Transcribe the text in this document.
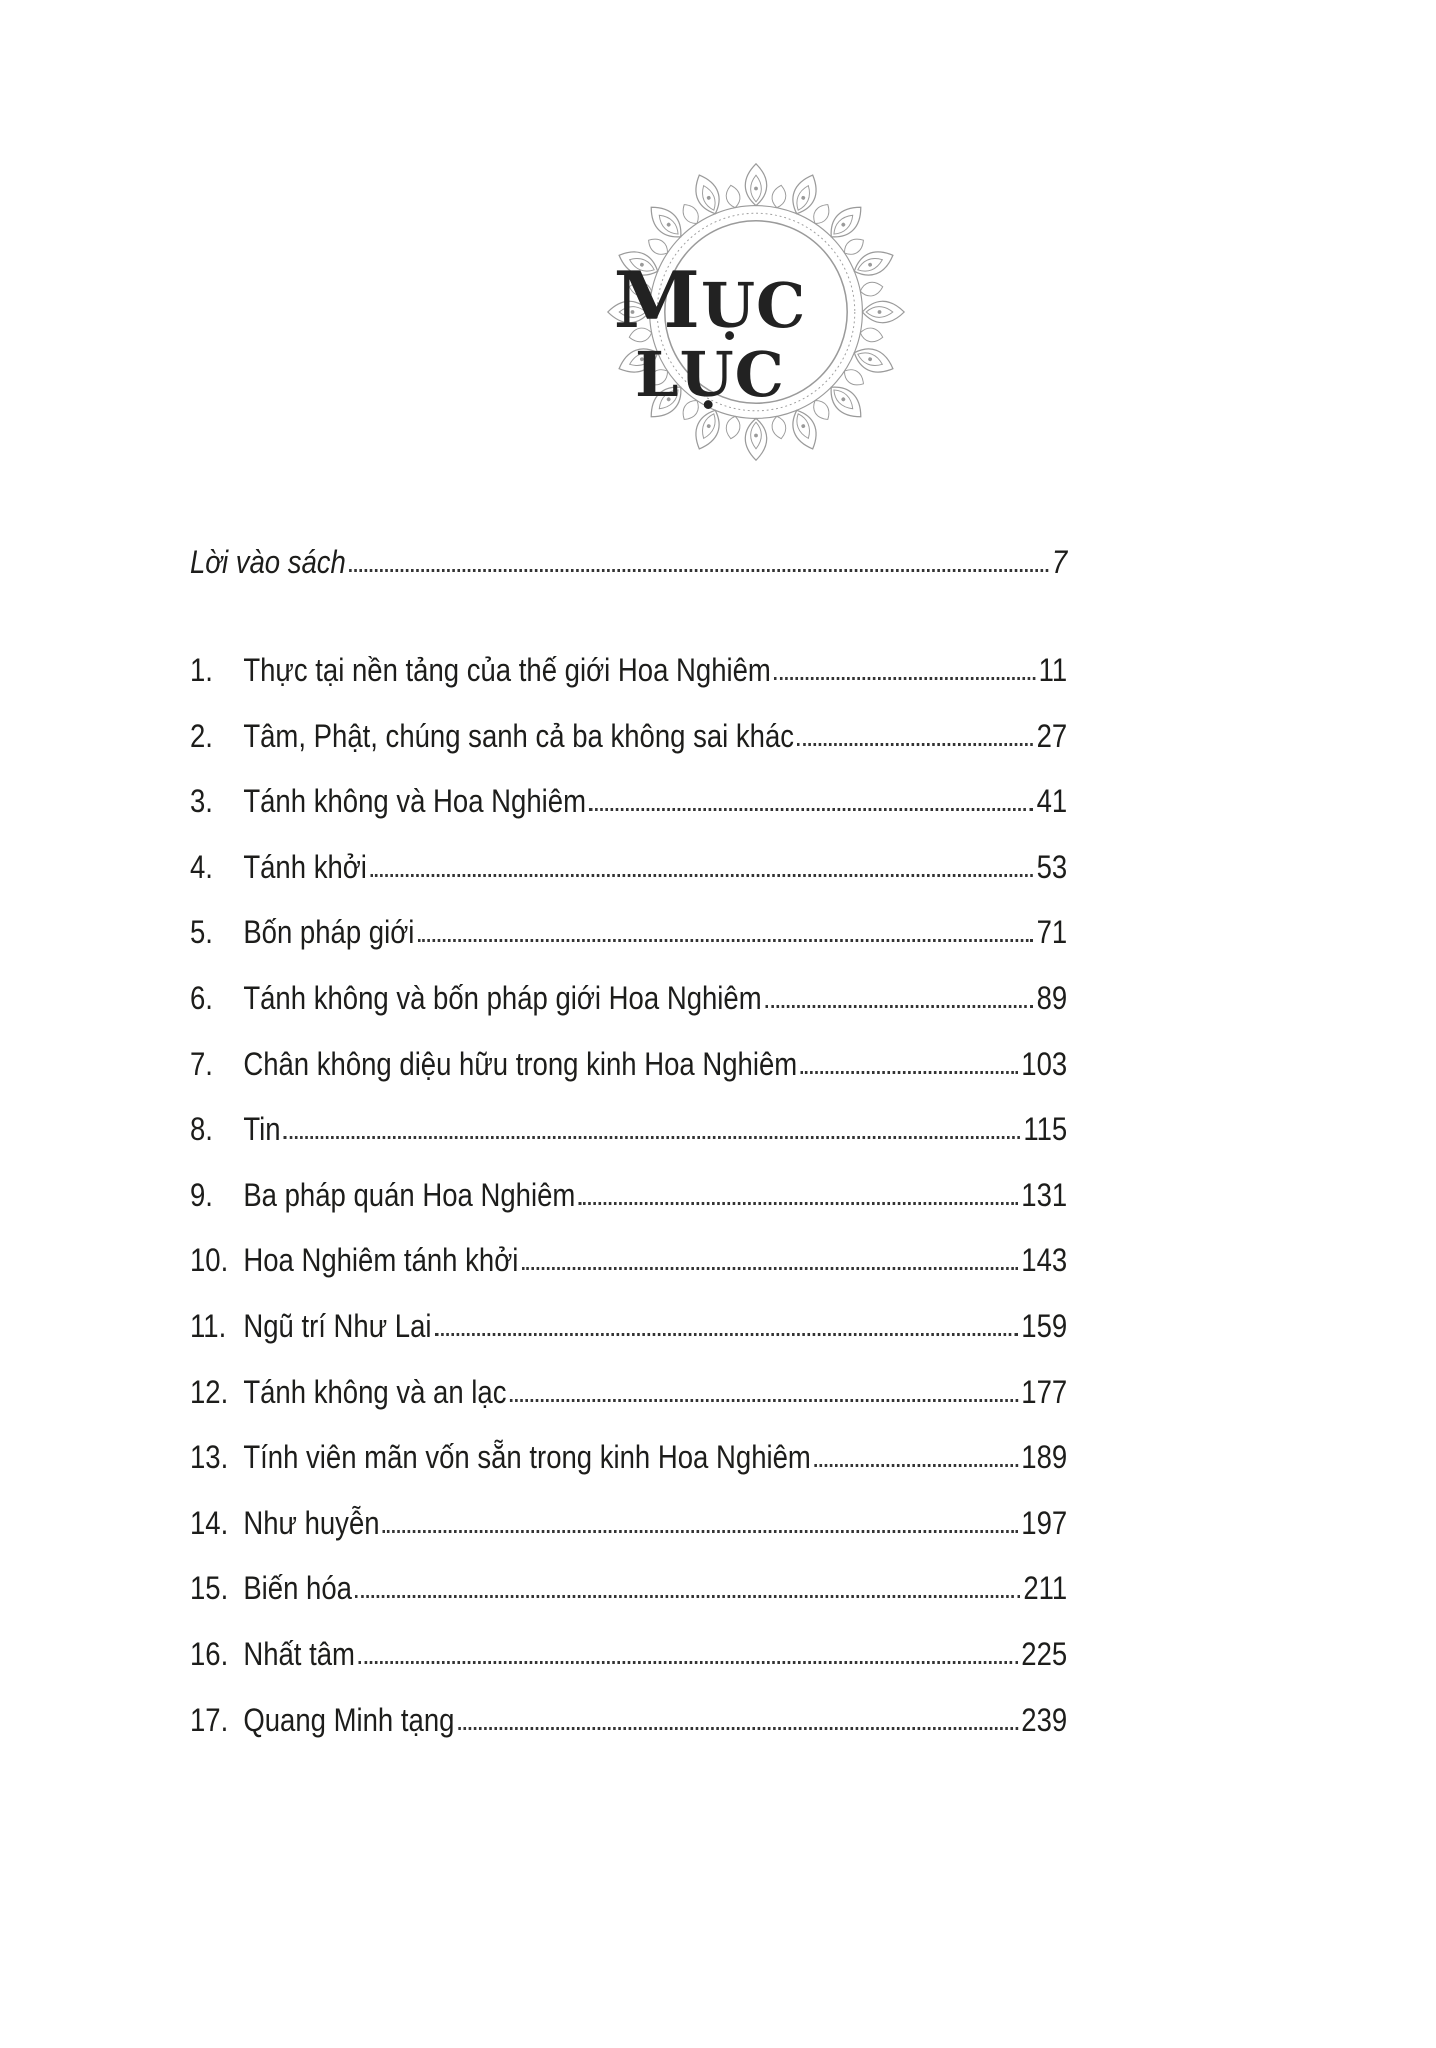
MỤC LỤC
Lời vào sách	7
1. Thực tại nền tảng của thế giới Hoa Nghiêm	11
2. Tâm, Phật, chúng sanh cả ba không sai khác	27
3. Tánh không và Hoa Nghiêm	41
4. Tánh khởi	53
5. Bốn pháp giới	71
6. Tánh không và bốn pháp giới Hoa Nghiêm	89
7. Chân không diệu hữu trong kinh Hoa Nghiêm	103
8. Tin	115
9. Ba pháp quán Hoa Nghiêm	131
10. Hoa Nghiêm tánh khởi	143
11. Ngũ trí Như Lai	159
12. Tánh không và an lạc	177
13. Tính viên mãn vốn sẵn trong kinh Hoa Nghiêm	189
14. Như huyễn	197
15. Biến hóa	211
16. Nhất tâm	225
17. Quang Minh tạng	239
